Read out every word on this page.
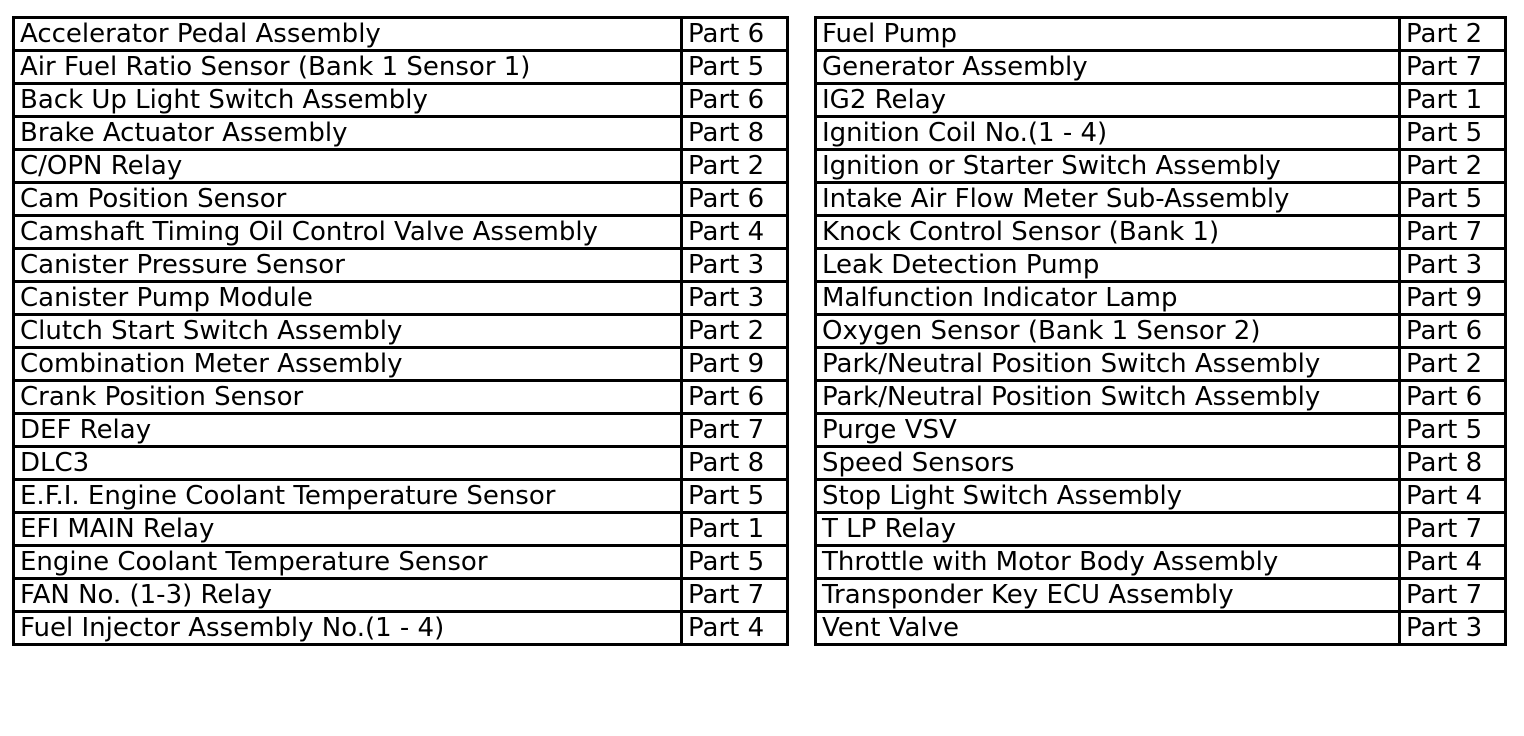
Accelerator Pedal Assembly	Part 6
Air Fuel Ratio Sensor (Bank 1 Sensor 1)	Part 5
Back Up Light Switch Assembly	Part 6
Brake Actuator Assembly	Part 8
C/OPN Relay	Part 2
Cam Position Sensor	Part 6
Camshaft Timing Oil Control Valve Assembly	Part 4
Canister Pressure Sensor	Part 3
Canister Pump Module	Part 3
Clutch Start Switch Assembly	Part 2
Combination Meter Assembly	Part 9
Crank Position Sensor	Part 6
DEF Relay	Part 7
DLC3	Part 8
E.F.I. Engine Coolant Temperature Sensor	Part 5
EFI MAIN Relay	Part 1
Engine Coolant Temperature Sensor	Part 5
FAN No. (1-3) Relay	Part 7
Fuel Injector Assembly No.(1 - 4)	Part 4
Fuel Pump	Part 2
Generator Assembly	Part 7
IG2 Relay	Part 1
Ignition Coil No.(1 - 4)	Part 5
Ignition or Starter Switch Assembly	Part 2
Intake Air Flow Meter Sub-Assembly	Part 5
Knock Control Sensor (Bank 1)	Part 7
Leak Detection Pump	Part 3
Malfunction Indicator Lamp	Part 9
Oxygen Sensor (Bank 1 Sensor 2)	Part 6
Park/Neutral Position Switch Assembly	Part 2
Park/Neutral Position Switch Assembly	Part 6
Purge VSV	Part 5
Speed Sensors	Part 8
Stop Light Switch Assembly	Part 4
T LP Relay	Part 7
Throttle with Motor Body Assembly	Part 4
Transponder Key ECU Assembly	Part 7
Vent Valve	Part 3
